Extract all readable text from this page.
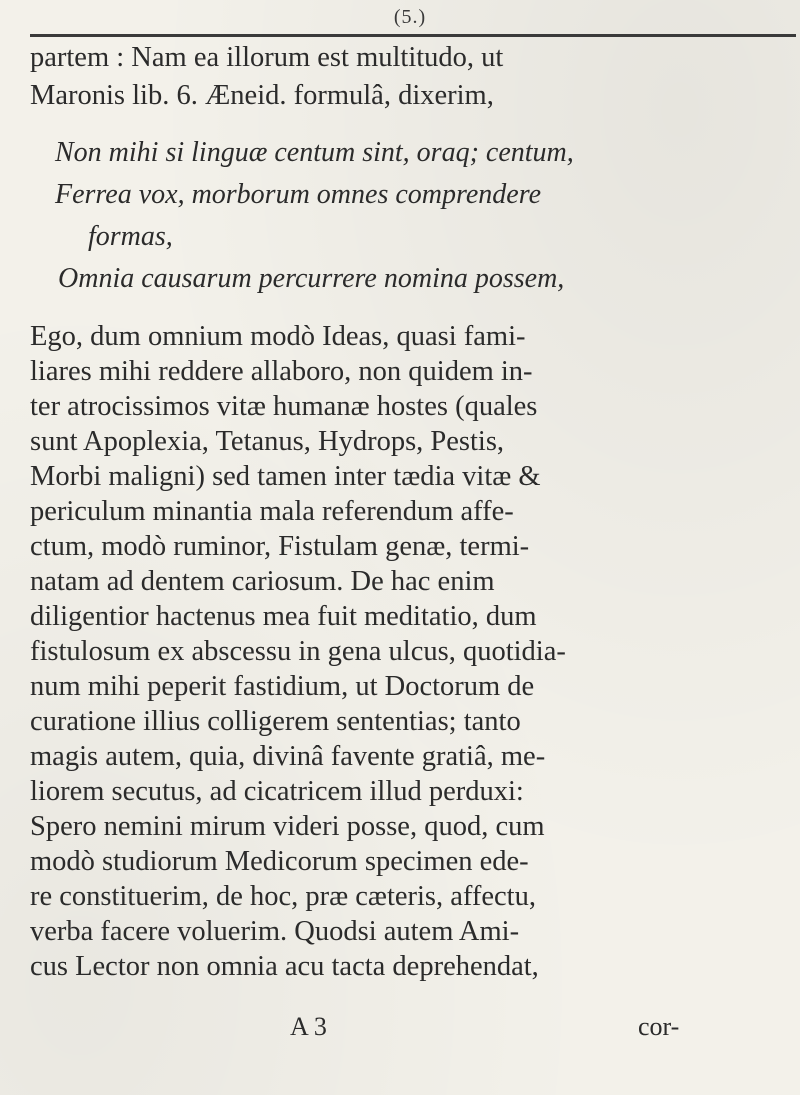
(5.)
partem : Nam ea illorum est multitudo, ut
Maronis lib. 6. Æneid. formulâ, dixerim,
Non mihi si linguæ centum sint, oraq; centum,
Ferrea vox, morborum omnes comprendere
formas,
Omnia causarum percurrere nomina possem,
Ego, dum omnium modò Ideas, quasi fami-
liares mihi reddere allaboro, non quidem in-
ter atrocissimos vitæ humanæ hostes (quales
sunt Apoplexia, Tetanus, Hydrops, Pestis,
Morbi maligni) sed tamen inter tædia vitæ &
periculum minantia mala referendum affe-
ctum, modò ruminor, Fistulam genæ, termi-
natam ad dentem cariosum. De hac enim
diligentior hactenus mea fuit meditatio, dum
fistulosum ex abscessu in gena ulcus, quotidia-
num mihi peperit fastidium, ut Doctorum de
curatione illius colligerem sententias; tanto
magis autem, quia, divinâ favente gratiâ, me-
liorem secutus, ad cicatricem illud perduxi:
Spero nemini mirum videri posse, quod, cum
modò studiorum Medicorum specimen ede-
re constituerim, de hoc, præ cæteris, affectu,
verba facere voluerim. Quodsi autem Ami-
cus Lector non omnia acu tacta deprehendat,
A 3	cor-
